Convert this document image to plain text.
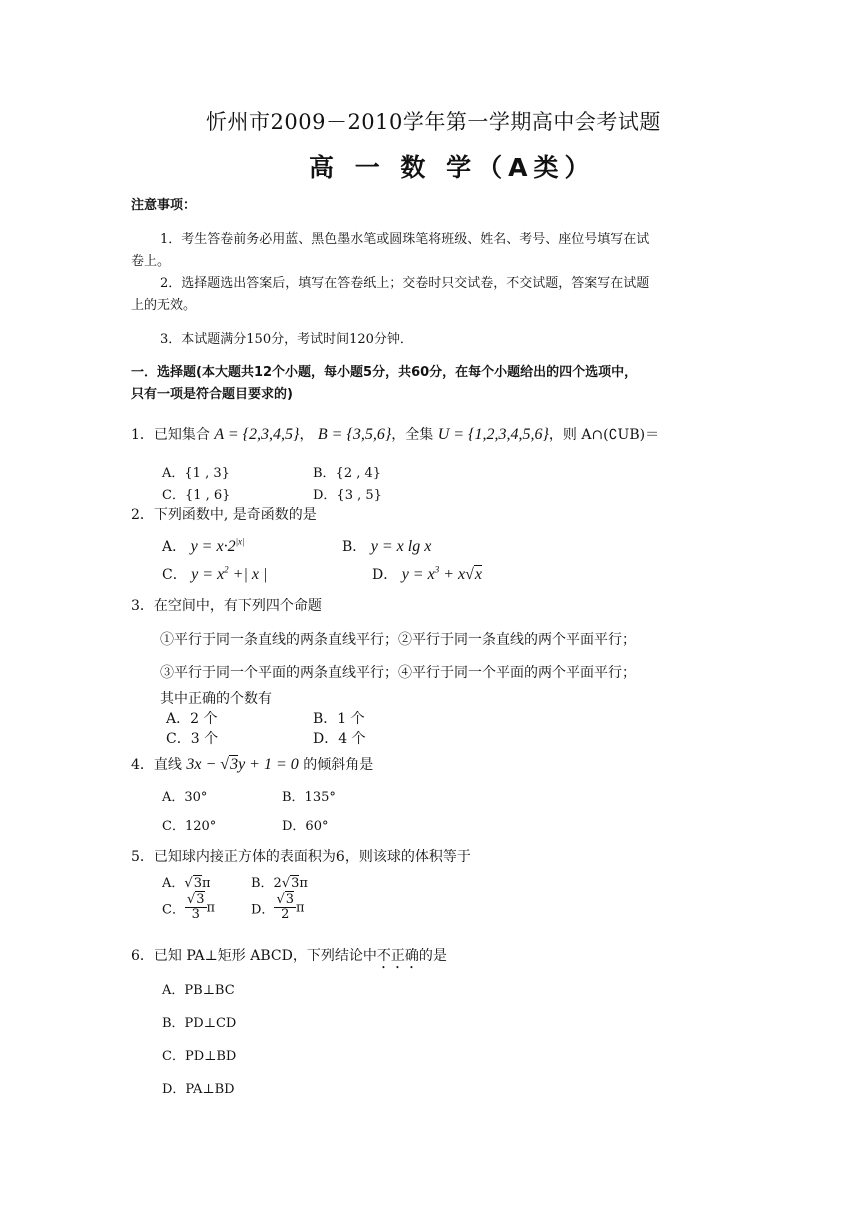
忻州市2009－2010学年第一学期高中会考试题
高 一 数 学（A类）
注意事项：
1．考生答卷前务必用蓝、黑色墨水笔或圆珠笔将班级、姓名、考号、座位号填写在试
卷上。
2．选择题选出答案后，填写在答卷纸上；交卷时只交试卷，不交试题，答案写在试题
上的无效。
3．本试题满分150分，考试时间120分钟．
一．选择题(本大题共12个小题，每小题5分，共60分，在每个小题给出的四个选项中，
只有一项是符合题目要求的)
1．已知集合 A = {2,3,4,5}， B = {3,5,6}，全集 U = {1,2,3,4,5,6}，则 A∩(∁UB)＝
A．{1 , 3}	B．{2 , 4}
C．{1 , 6}	D．{3 , 5}
2．下列函数中, 是奇函数的是
A． $y = x\cdot 2^{|x|}$	B． y = x lg x
C． $y = x^2$ +| x |	D． $y = x^3 + x√x$
3．在空间中，有下列四个命题
①平行于同一条直线的两条直线平行；②平行于同一条直线的两个平面平行；
③平行于同一个平面的两条直线平行；④平行于同一个平面的两个平面平行；
其中正确的个数有
A．2 个	B．1 个
C．3 个	D．4 个
4．直线 3x − √3y + 1 = 0 的倾斜角是
A．30°	B．135°
C．120°	D．60°
5．已知球内接正方体的表面积为6，则该球的体积等于
A．√3π	B．2√3π
C． $\frac{√3}{3}$ π	D． $\frac{√3}{2}$ π
6．已知 PA⊥矩形 ABCD，下列结论中不正确的是
A．PB⊥BC
B．PD⊥CD
C．PD⊥BD
D．PA⊥BD
